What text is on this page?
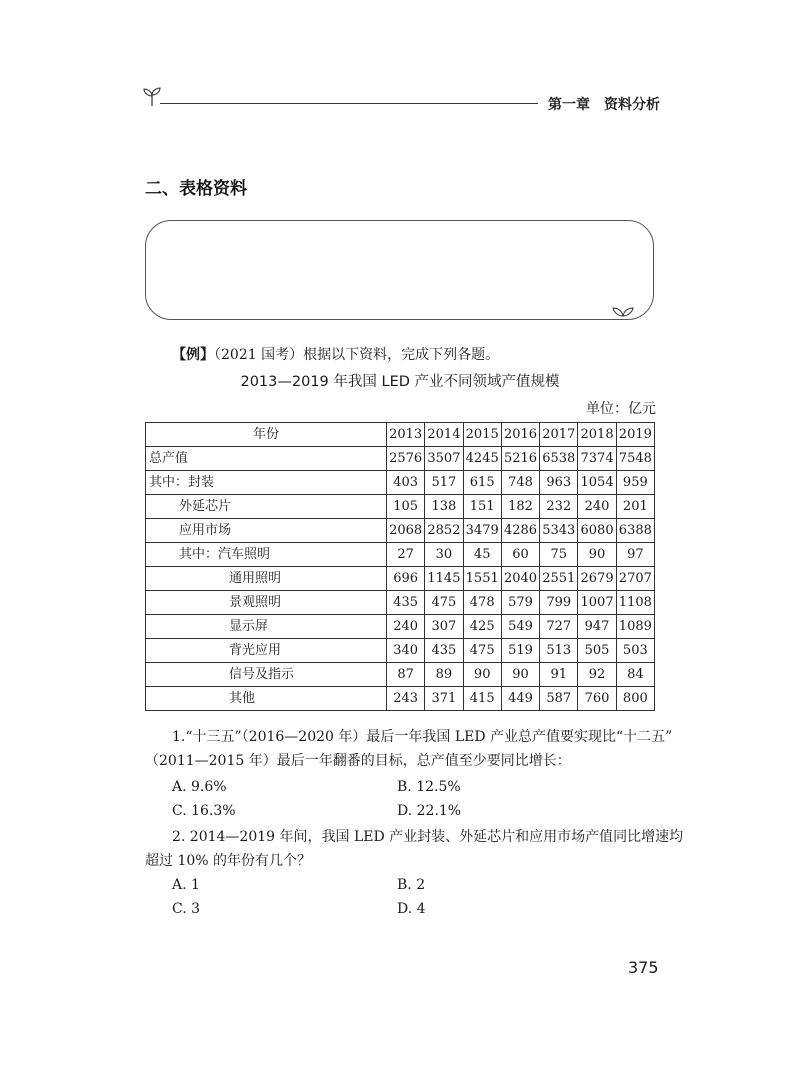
第一章　资料分析
二、表格资料
【例】（2021 国考）根据以下资料，完成下列各题。
2013—2019 年我国 LED 产业不同领域产值规模
单位：亿元
年份	2013	2014	2015	2016	2017	2018	2019
总产值	2576	3507	4245	5216	6538	7374	7548
其中：封装	403	517	615	748	963	1054	959
外延芯片	105	138	151	182	232	240	201
应用市场	2068	2852	3479	4286	5343	6080	6388
其中：汽车照明	27	30	45	60	75	90	97
通用照明	696	1145	1551	2040	2551	2679	2707
景观照明	435	475	478	579	799	1007	1108
显示屏	240	307	425	549	727	947	1089
背光应用	340	435	475	519	513	505	503
信号及指示	87	89	90	90	91	92	84
其他	243	371	415	449	587	760	800
1.“十三五”（2016—2020 年）最后一年我国 LED 产业总产值要实现比“十二五”
（2011—2015 年）最后一年翻番的目标，总产值至少要同比增长：
A. 9.6%	B. 12.5%
C. 16.3%	D. 22.1%
2. 2014—2019 年间，我国 LED 产业封装、外延芯片和应用市场产值同比增速均
超过 10% 的年份有几个？
A. 1	B. 2
C. 3	D. 4
375
